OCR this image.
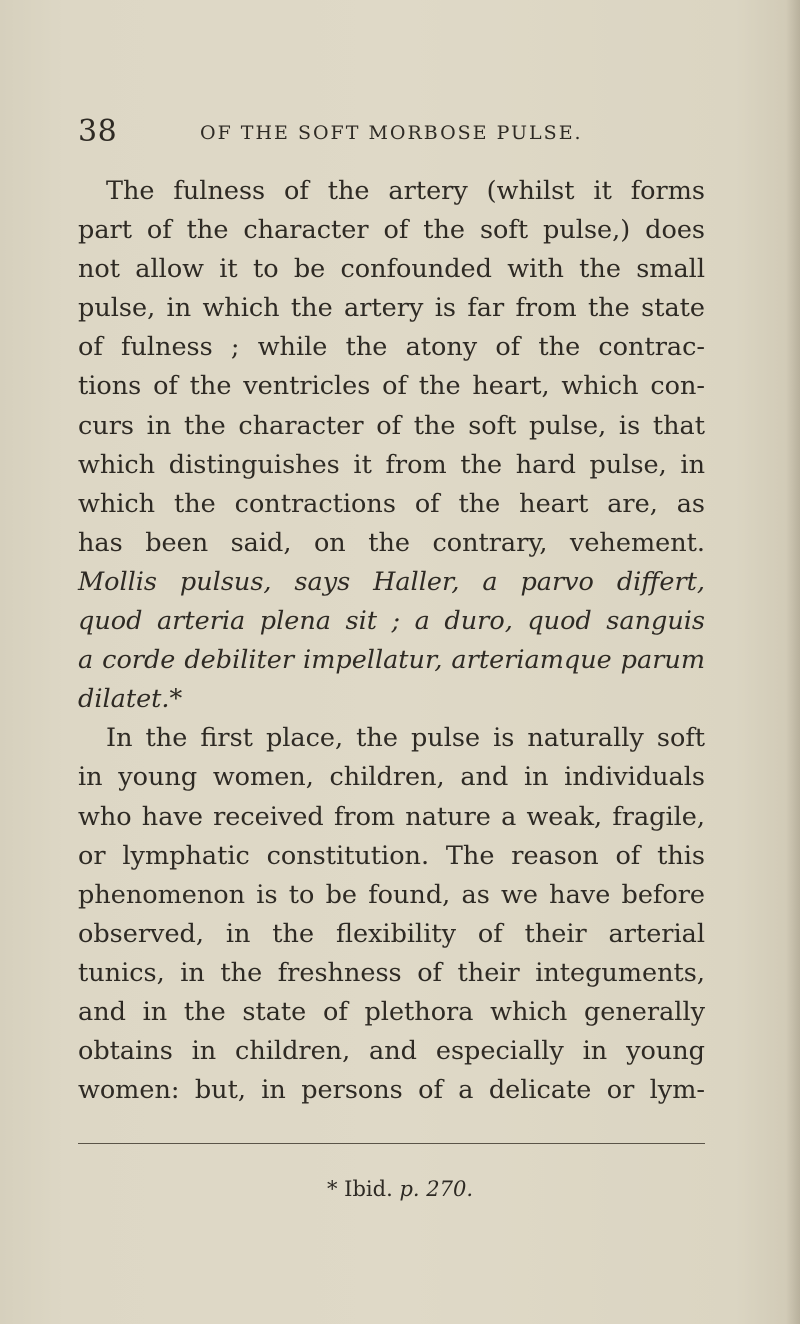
38	OF THE SOFT MORBOSE PULSE.
The fulness of the artery (whilst it forms
part of the character of the soft pulse,) does
not allow it to be confounded with the small
pulse, in which the artery is far from the state
of fulness ; while the atony of the contrac-
tions of the ventricles of the heart, which con-
curs in the character of the soft pulse, is that
which distinguishes it from the hard pulse, in
which the contractions of the heart are, as
has been said, on the contrary, vehement.
Mollis pulsus, says Haller, a parvo differt,
quod arteria plena sit ; a duro, quod sanguis
a corde debiliter impellatur, arteriamque parum
dilatet.*
In the first place, the pulse is naturally soft
in young women, children, and in individuals
who have received from nature a weak, fragile,
or lymphatic constitution. The reason of this
phenomenon is to be found, as we have before
observed, in the flexibility of their arterial
tunics, in the freshness of their integuments,
and in the state of plethora which generally
obtains in children, and especially in young
women: but, in persons of a delicate or lym-
* Ibid. p. 270.
